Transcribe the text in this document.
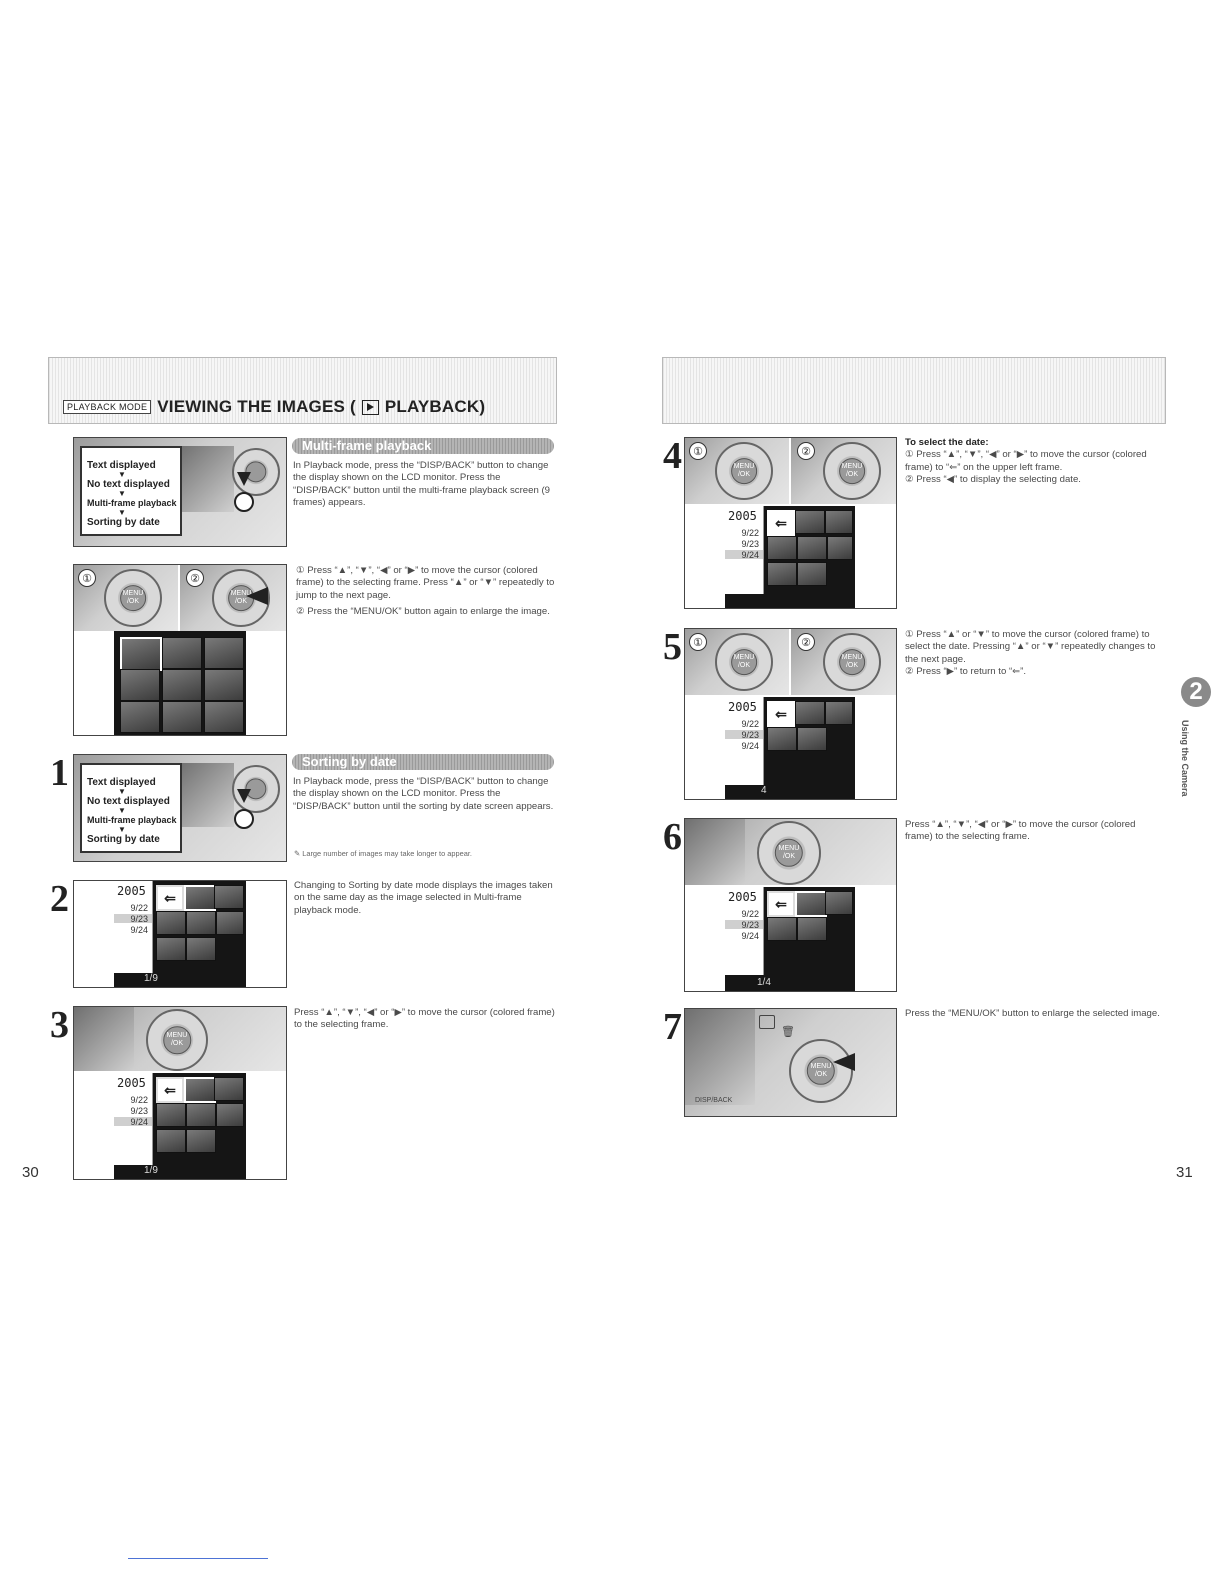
PLAYBACK MODE VIEWING THE IMAGES ( PLAYBACK)
Text displayed
▼
No text displayed
▼
Multi-frame playback
▼
Sorting by date
Multi-frame playback
In Playback mode, press the “DISP/BACK” button to change the display shown on the LCD monitor. Press the “DISP/BACK” button until the multi-frame playback screen (9 frames) appears.
MENU /OK
MENU /OK
①	②
① Press “▲”, “▼”, “◀” or “▶” to move the cursor (colored frame) to the selecting frame. Press “▲” or “▼” repeatedly to jump to the next page.
② Press the “MENU/OK” button again to enlarge the image.
1 Text displayed
▼
No text displayed
▼
Multi-frame playback
▼
Sorting by date
Sorting by date
In Playback mode, press the “DISP/BACK” button to change the display shown on the LCD monitor. Press the “DISP/BACK” button until the sorting by date screen appears.
✎ Large number of images may take longer to appear.
2	2005
9/22
9/23
9/24
⇐
1/9
Changing to Sorting by date mode displays the images taken on the same day as the image selected in Multi-frame playback mode.
3	MENU /OK
2005
9/22
9/23
9/24
⇐
1/9
Press “▲”, “▼”, “◀” or “▶” to move the cursor (colored frame) to the selecting frame.
30
4	MENU /OK
MENU /OK
①	②
2005
9/22
9/23
9/24
⇐
To select the date:
① Press “▲”, “▼”, “◀” or “▶” to move the cursor (colored frame) to “⇐” on the upper left frame.
② Press “◀” to display the selecting date.
5	MENU /OK
MENU /OK
①	②
2005
9/22
9/23
9/24
⇐
4
① Press “▲” or “▼” to move the cursor (colored frame) to select the date. Pressing “▲” or “▼” repeatedly changes to the next page.
② Press “▶” to return to “⇐”.
6	MENU /OK
2005
9/22
9/23
9/24
⇐
1/4
Press “▲”, “▼”, “◀” or “▶” to move the cursor (colored frame) to the selecting frame.
7
MENU /OK
🗑
DISP/BACK
Press the “MENU/OK” button to enlarge the selected image.
2
Using the Camera
31
